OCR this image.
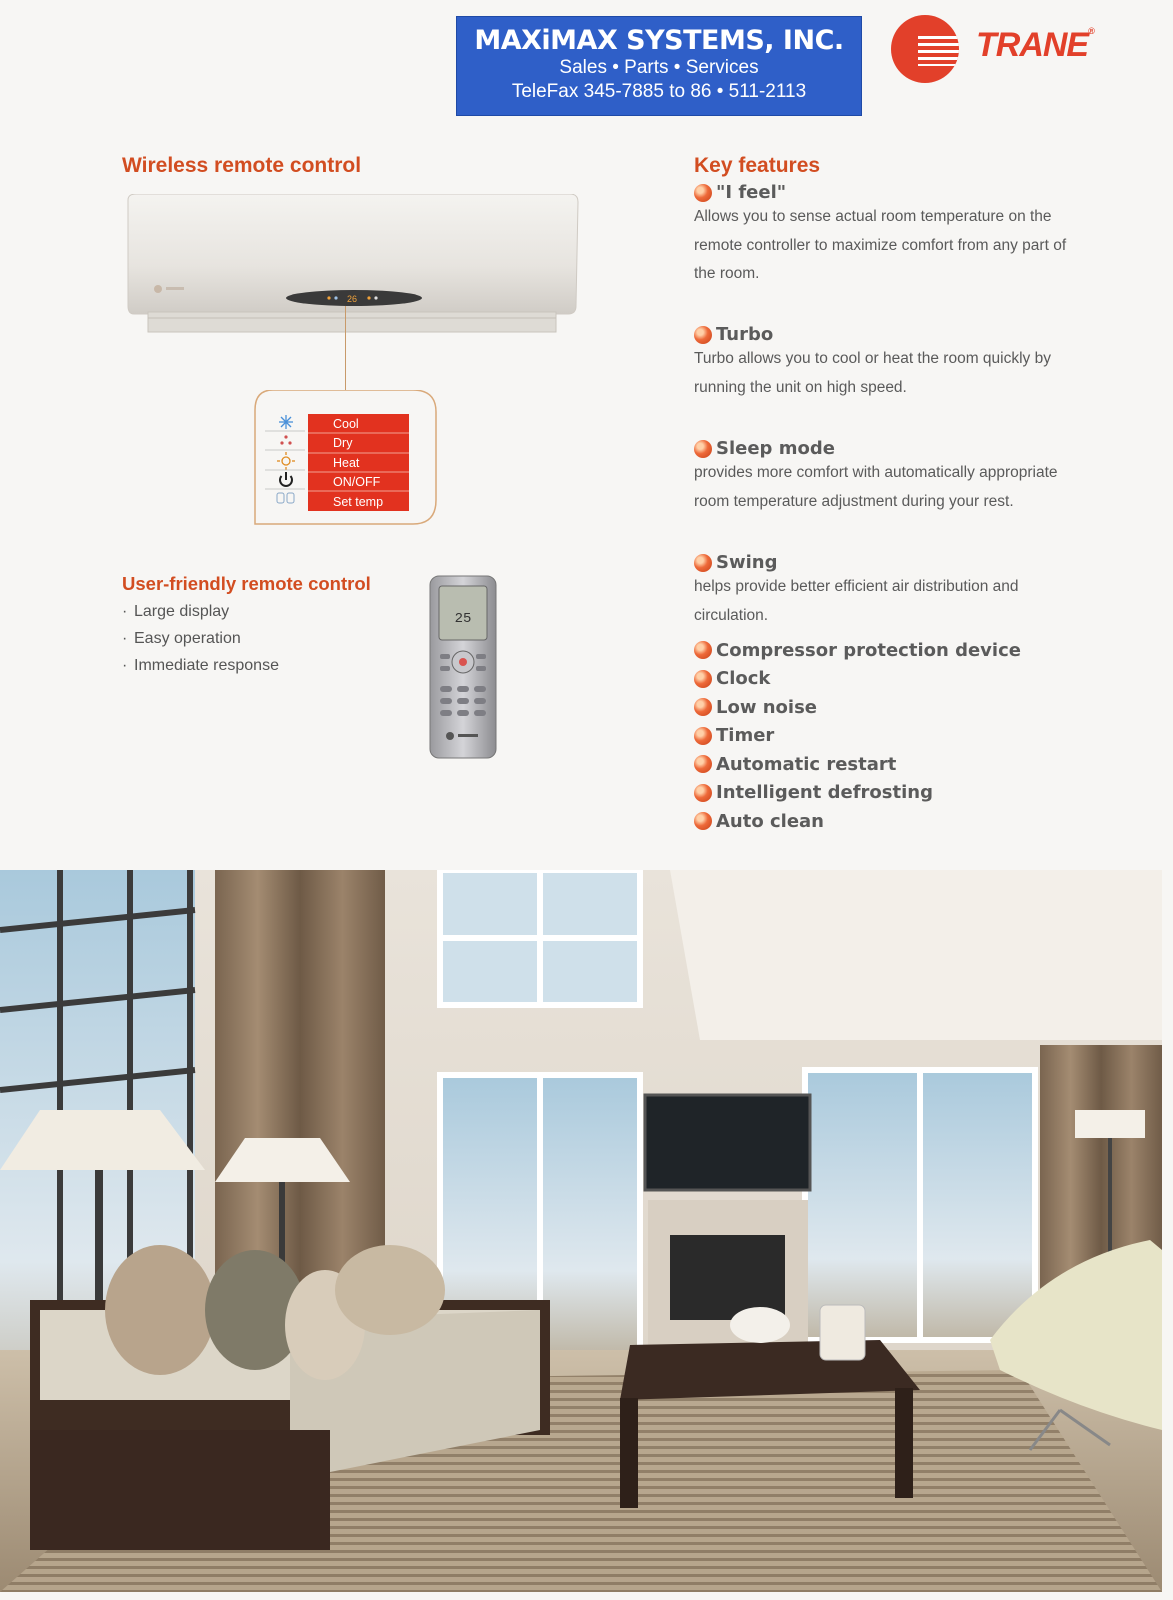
MAXiMAX SYSTEMS, INC.
Sales • Parts • Services
TeleFax 345-7885 to 86 • 511-2113
TRANE®
Wireless remote control
26
Cool
Dry
Heat
ON/OFF
Set temp
User-friendly remote control
· Large display
· Easy operation
· Immediate response
25
Key features
"I feel"
Allows you to sense actual room temperature on the remote controller to maximize comfort from any part of the room.
Turbo
Turbo allows you to cool or heat the room quickly by running the unit on high speed.
Sleep mode
provides more comfort with automatically appropriate room temperature adjustment during your rest.
Swing
helps provide better efficient air distribution and circulation.
Compressor protection device
Clock
Low noise
Timer
Automatic restart
Intelligent defrosting
Auto clean
